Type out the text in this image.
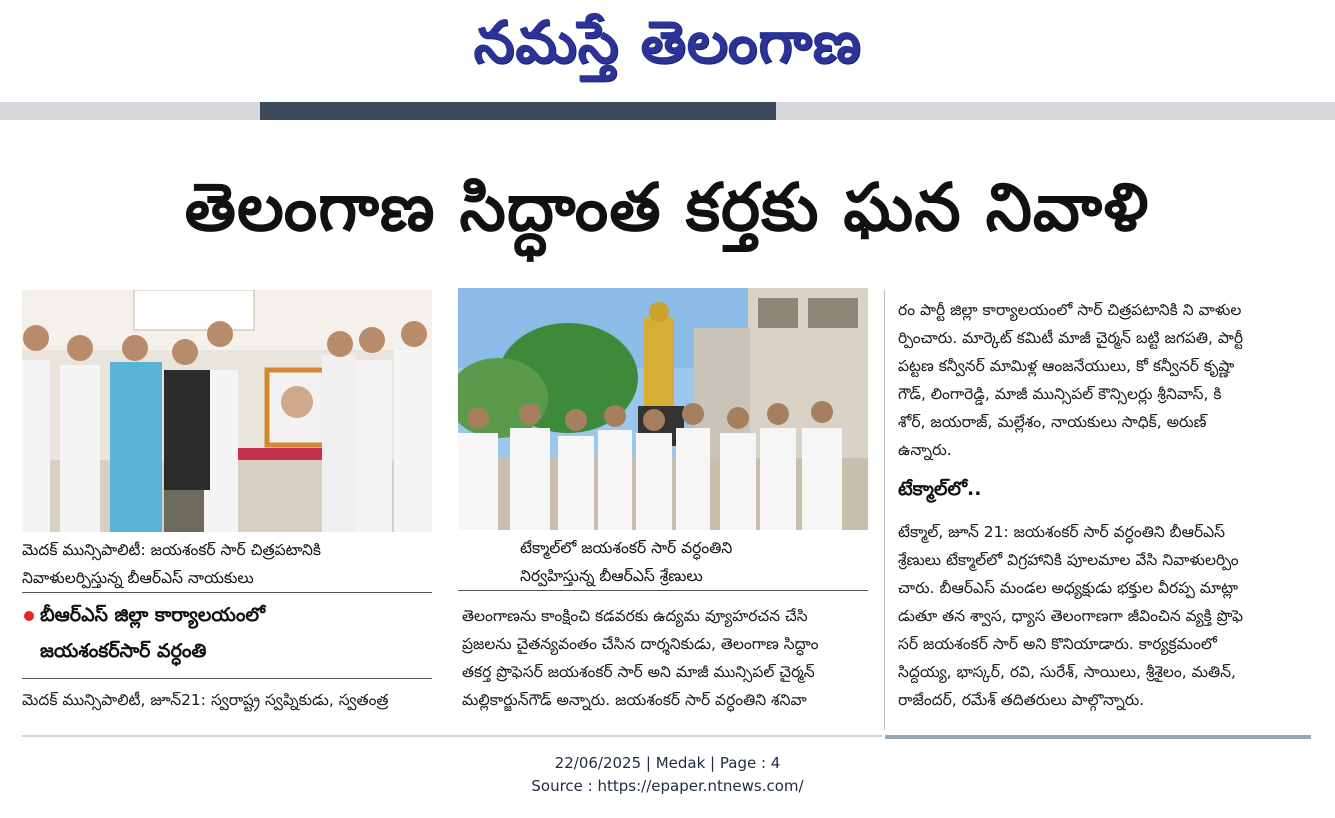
నమస్తే తెలంగాణ
తెలంగాణ సిద్ధాంత కర్తకు ఘన నివాళి
మెదక్ మున్సిపాలిటీ: జయశంకర్ సార్ చిత్రపటానికి
నివాళులర్పిస్తున్న బీఆర్ఎస్ నాయకులు
బీఆర్ఎస్ జిల్లా కార్యాలయంలో
జయశంకర్‌సార్ వర్ధంతి
మెదక్ మున్సిపాలిటీ, జూన్21: స్వరాష్ట్ర స్వప్నికుడు, స్వతంత్ర
టేక్మాల్‌లో జయశంకర్ సార్ వర్ధంతిని
నిర్వహిస్తున్న బీఆర్ఎస్ శ్రేణులు
తెలంగాణను కాంక్షించి కడవరకు ఉద్యమ వ్యూహరచన చేసి
ప్రజలను చైతన్యవంతం చేసిన దార్శనికుడు, తెలంగాణ సిద్ధాం
తకర్త ప్రొఫెసర్ జయశంకర్ సార్ అని మాజీ మున్సిపల్ చైర్మన్
మల్లికార్జున్‌గౌడ్ అన్నారు. జయశంకర్ సార్ వర్ధంతిని శనివా
రం పార్టీ జిల్లా కార్యాలయంలో సార్ చిత్రపటానికి ని వాళుల
ర్పించారు. మార్కెట్ కమిటీ మాజీ చైర్మన్ బట్టి జగపతి, పార్టీ
పట్టణ కన్వీనర్ మామిళ్ల ఆంజనేయులు, కో కన్వీనర్ కృష్ణా
గౌడ్, లింగారెడ్డి, మాజీ మున్సిపల్ కౌన్సిలర్లు శ్రీనివాస్, కి
శోర్, జయరాజ్, మల్లేశం, నాయకులు సాధిక్, అరుణ్
ఉన్నారు.
టేక్మాల్‌లో..
టేక్మాల్, జూన్ 21: జయశంకర్ సార్ వర్ధంతిని బీఆర్ఎస్
శ్రేణులు టేక్మాల్‌లో విగ్రహానికి పూలమాల వేసి నివాళులర్పిం
చారు. బీఆర్ఎస్ మండల అధ్యక్షుడు భక్తుల వీరప్ప మాట్లా
డుతూ తన శ్వాస, ధ్యాస తెలంగాణగా జీవించిన వ్యక్తి ప్రొఫె
సర్ జయశంకర్ సార్ అని కొనియాడారు. కార్యక్రమంలో
సిద్దయ్య, భాస్కర్, రవి, సురేశ్, సాయిలు, శ్రీశైలం, మతిన్,
రాజేందర్, రమేశ్ తదితరులు పాల్గొన్నారు.
22/06/2025 | Medak | Page : 4
Source : https://epaper.ntnews.com/
